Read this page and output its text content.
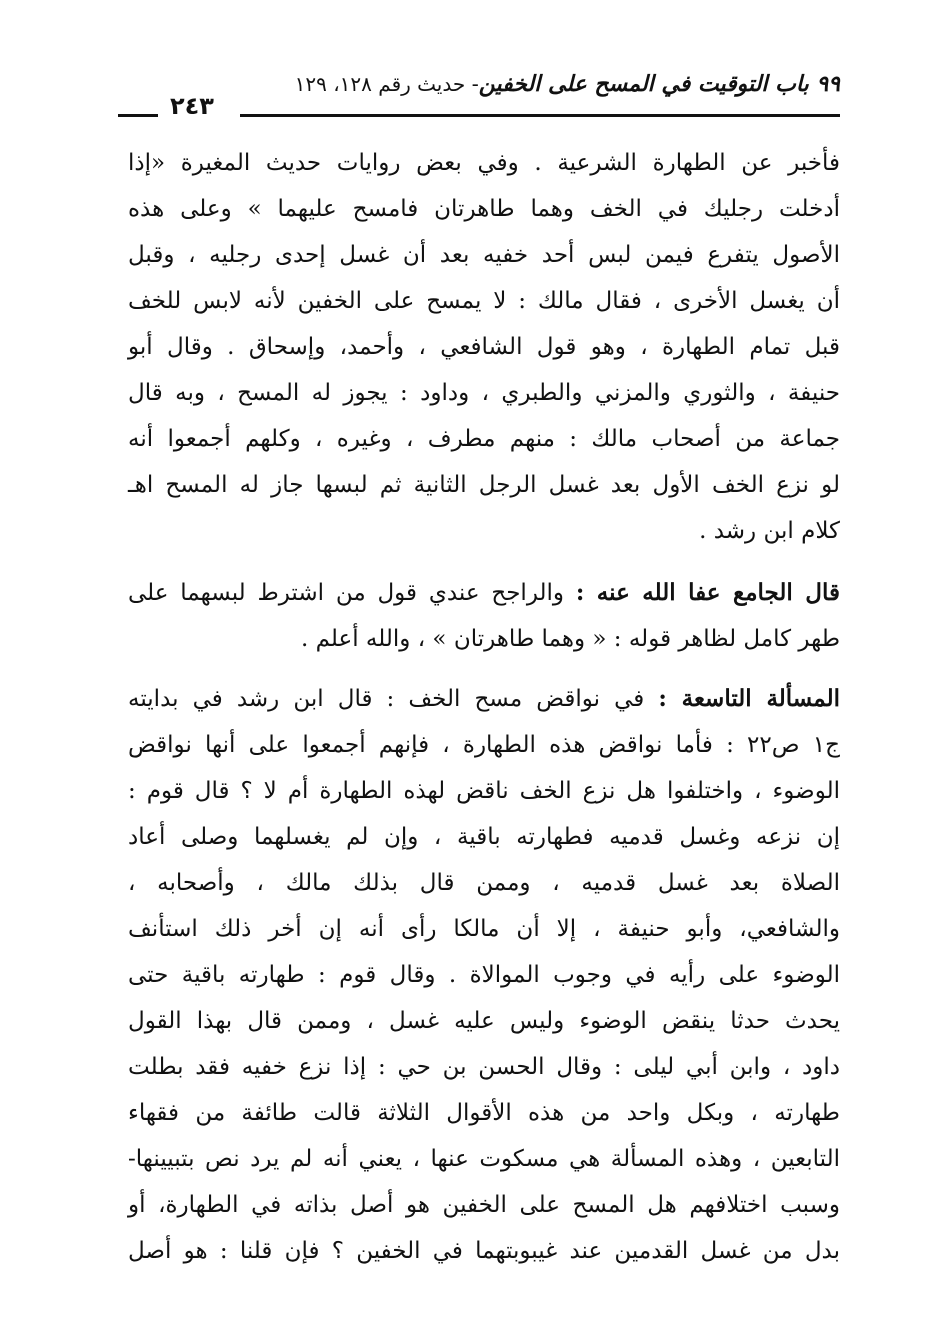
٩٩ باب التوقيت في المسح على الخفين- حديث رقم ١٢٨، ١٢٩
٢٤٣

فأخبر عن الطهارة الشرعية . وفي بعض روايات حديث المغيرة «إذا
أدخلت رجليك في الخف وهما طاهرتان فامسح عليهما » وعلى هذه
الأصول يتفرع فيمن لبس أحد خفيه بعد أن غسل إحدى رجليه ، وقبل
أن يغسل الأخرى ، فقال مالك : لا يمسح على الخفين لأنه لابس للخف
قبل تمام الطهارة ، وهو قول الشافعي ، وأحمد، وإسحاق . وقال أبو
حنيفة ، والثوري والمزني والطبري ، وداود : يجوز له المسح ، وبه قال
جماعة من أصحاب مالك : منهم مطرف ، وغيره ، وكلهم أجمعوا أنه
لو نزع الخف الأول بعد غسل الرجل الثانية ثم لبسها جاز له المسح اهـ
كلام ابن رشد .

قال الجامع عفا الله عنه : والراجح عندي قول من اشترط لبسهما على
طهر كامل لظاهر قوله : « وهما طاهرتان » ، والله أعلم .

المسألة التاسعة : في نواقض مسح الخف : قال ابن رشد في بدايته
ج١ ص٢٢ : فأما نواقض هذه الطهارة ، فإنهم أجمعوا على أنها نواقض
الوضوء ، واختلفوا هل نزع الخف ناقض لهذه الطهارة أم لا ؟ قال قوم :
إن نزعه وغسل قدميه فطهارته باقية ، وإن لم يغسلهما وصلى أعاد
الصلاة بعد غسل قدميه ، وممن قال بذلك مالك ، وأصحابه ،
والشافعي، وأبو حنيفة ، إلا أن مالكا رأى أنه إن أخر ذلك استأنف
الوضوء على رأيه في وجوب الموالاة . وقال قوم : طهارته باقية حتى
يحدث حدثا ينقض الوضوء وليس عليه غسل ، وممن قال بهذا القول
داود ، وابن أبي ليلى : وقال الحسن بن حي : إذا نزع خفيه فقد بطلت
طهارته ، وبكل واحد من هذه الأقوال الثلاثة قالت طائفة من فقهاء
التابعين ، وهذه المسألة هي مسكوت عنها ، يعني أنه لم يرد نص بتبيينها-
وسبب اختلافهم هل المسح على الخفين هو أصل بذاته في الطهارة، أو
بدل من غسل القدمين عند غيبوبتهما في الخفين ؟ فإن قلنا : هو أصل
